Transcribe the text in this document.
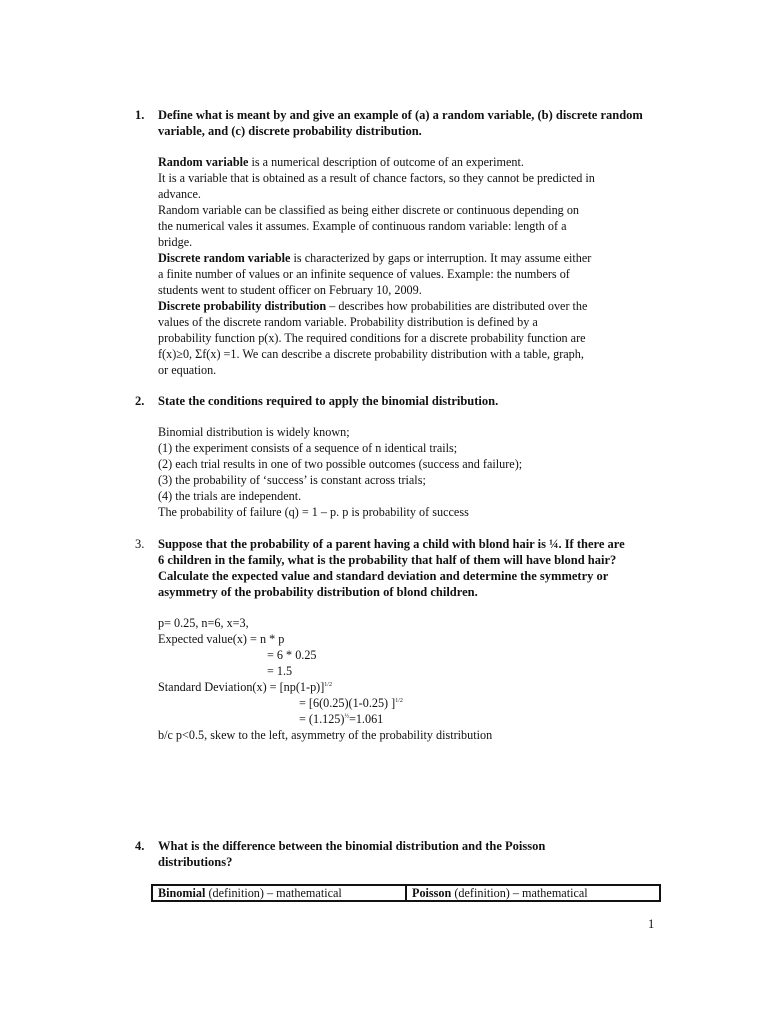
1. Define what is meant by and give an example of (a) a random variable, (b) discrete random variable, and (c) discrete probability distribution.
Random variable is a numerical description of outcome of an experiment.
It is a variable that is obtained as a result of chance factors, so they cannot be predicted in
advance.
Random variable can be classified as being either discrete or continuous depending on
the numerical vales it assumes. Example of continuous random variable: length of a
bridge.
Discrete random variable is characterized by gaps or interruption. It may assume either
a finite number of values or an infinite sequence of values. Example: the numbers of
students went to student officer on February 10, 2009.
Discrete probability distribution – describes how probabilities are distributed over the
values of the discrete random variable. Probability distribution is defined by a
probability function p(x). The required conditions for a discrete probability function are
f(x)≥0, Σf(x) =1. We can describe a discrete probability distribution with a table, graph,
or equation.
2. State the conditions required to apply the binomial distribution.
Binomial distribution is widely known;
(1) the experiment consists of a sequence of n identical trails;
(2) each trial results in one of two possible outcomes (success and failure);
(3) the probability of ‘success’ is constant across trials;
(4) the trials are independent.
The probability of failure (q) = 1 – p. p is probability of success
3. Suppose that the probability of a parent having a child with blond hair is ¼. If there are 6 children in the family, what is the probability that half of them will have blond hair? Calculate the expected value and standard deviation and determine the symmetry or asymmetry of the probability distribution of blond children.
p= 0.25, n=6, x=3,
Expected value(x) = n * p
= 6 * 0.25
= 1.5
Standard Deviation(x) = $[np(1-p)]^{1/2}$
= [6(0.25)(1-0.25) ]$^{1/2}$
= $(1.125)^{\frac{1}{2}}=1.061$
b/c p<0.5, skew to the left, asymmetry of the probability distribution
4. What is the difference between the binomial distribution and the Poisson distributions?
Binomial (definition) – mathematical	Poisson (definition) – mathematical
1
